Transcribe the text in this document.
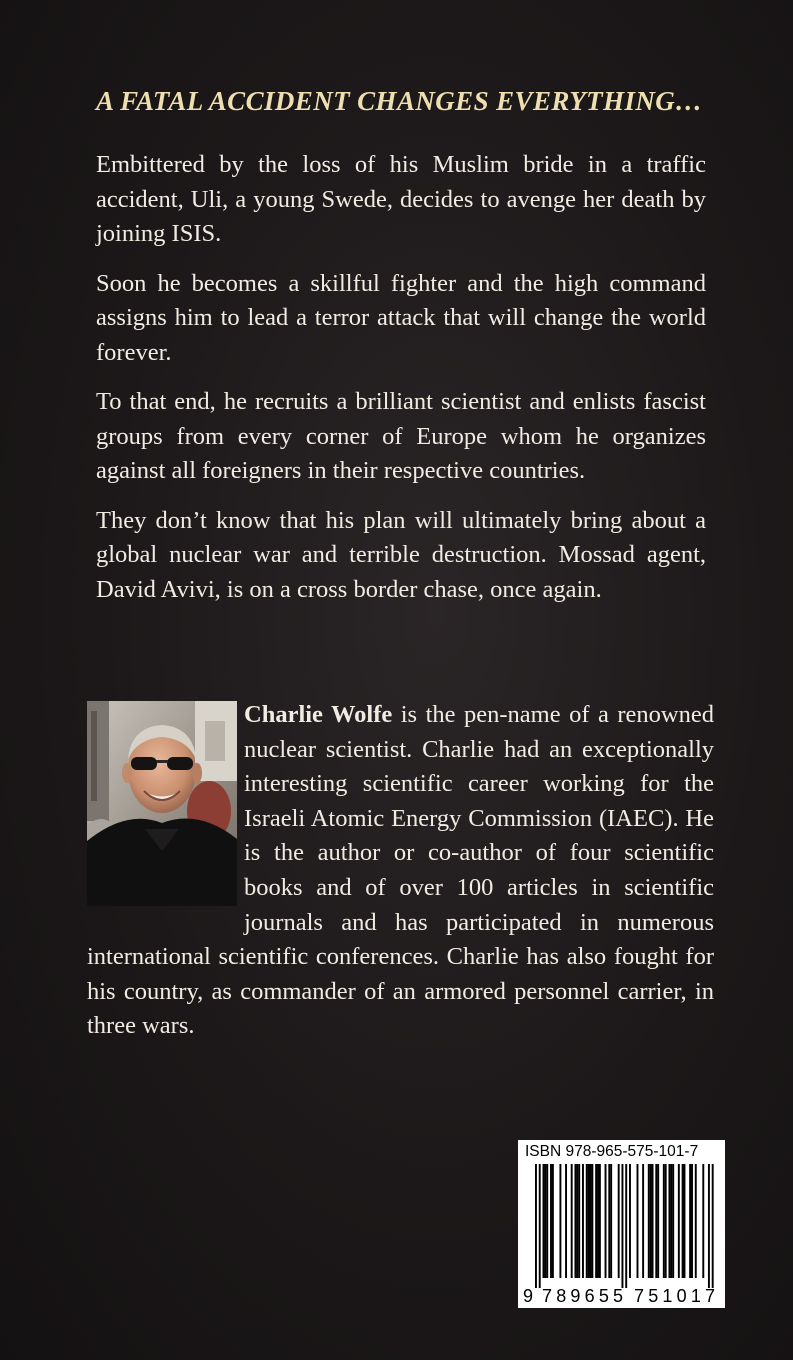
A FATAL ACCIDENT CHANGES EVERYTHING…

Embittered by the loss of his Muslim bride in a traffic accident, Uli, a young Swede, decides to avenge her death by joining ISIS.

Soon he becomes a skillful fighter and the high command assigns him to lead a terror attack that will change the world forever.

To that end, he recruits a brilliant scientist and enlists fascist groups from every corner of Europe whom he organizes against all foreigners in their respective countries.

They don’t know that his plan will ultimately bring about a global nuclear war and terrible destruction. Mossad agent, David Avivi, is on a cross border chase, once again.

Charlie Wolfe is the pen-name of a renowned nuclear scientist. Charlie had an exceptionally interesting scientific career working for the Israeli Atomic Energy Commission (IAEC). He is the author or co-author of four scientific books and of over 100 articles in scientific journals and has participated in numerous international scientific conferences. Charlie has also fought for his country, as commander of an armored personnel carrier, in three wars.

ISBN 978-965-575-101-7
9 789655 751017
